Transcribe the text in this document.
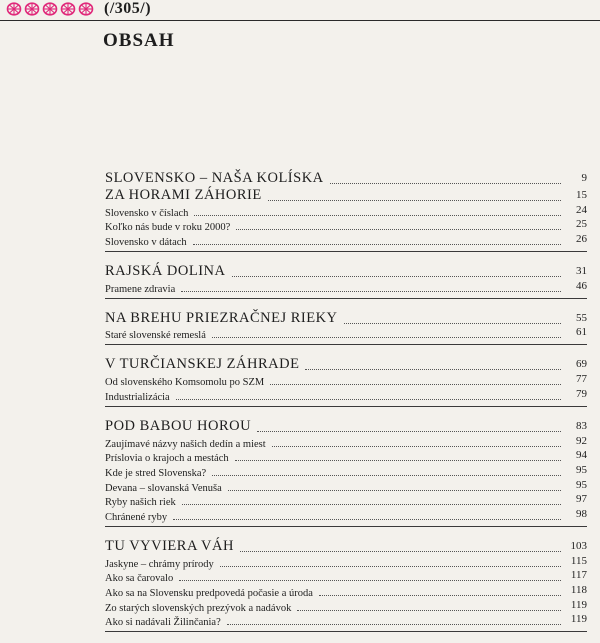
(/305/)
OBSAH
SLOVENSKO – NAŠA KOLÍSKA	9
ZA HORAMI ZÁHORIE	15
Slovensko v číslach	24
Koľko nás bude v roku 2000?	25
Slovensko v dátach	26
RAJSKÁ DOLINA	31
Pramene zdravia	46
NA BREHU PRIEZRAČNEJ RIEKY	55
Staré slovenské remeslá	61
V TURČIANSKEJ ZÁHRADE	69
Od slovenského Komsomolu po SZM	77
Industrializácia	79
POD BABOU HOROU	83
Zaujímavé názvy našich dedín a miest	92
Príslovia o krajoch a mestách	94
Kde je stred Slovenska?	95
Devana – slovanská Venuša	95
Ryby našich riek	97
Chránené ryby	98
TU VYVIERA VÁH	103
Jaskyne – chrámy prírody	115
Ako sa čarovalo	117
Ako sa na Slovensku predpovedá počasie a úroda	118
Zo starých slovenských prezývok a nadávok	119
Ako si nadávali Žilinčania?	119
